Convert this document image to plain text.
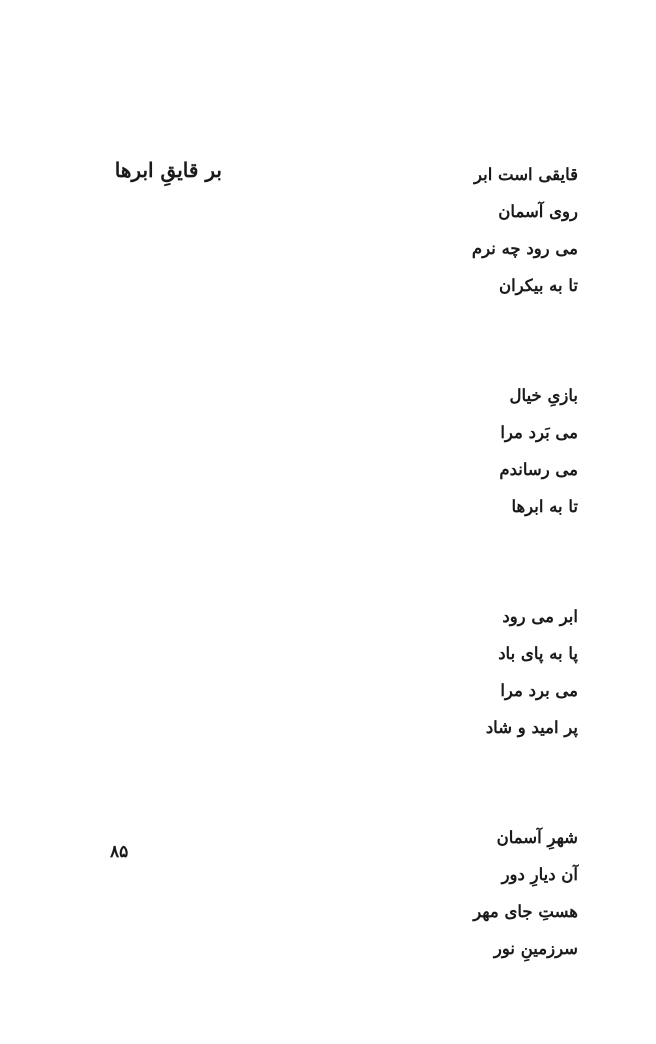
بر قایقِ ابرها	قایقی است ابر
روی آسمان
می رود چه نرم
تا به بیکران
بازیِ خیال
می بَرد مرا
می رساندم
تا به ابرها
ابر می رود
پا به پای باد
می برد مرا
پر امید و شاد
شهرِ آسمان
آن دیارِ دور
هستِ جای مهر
سرزمینِ نور
۸۵
